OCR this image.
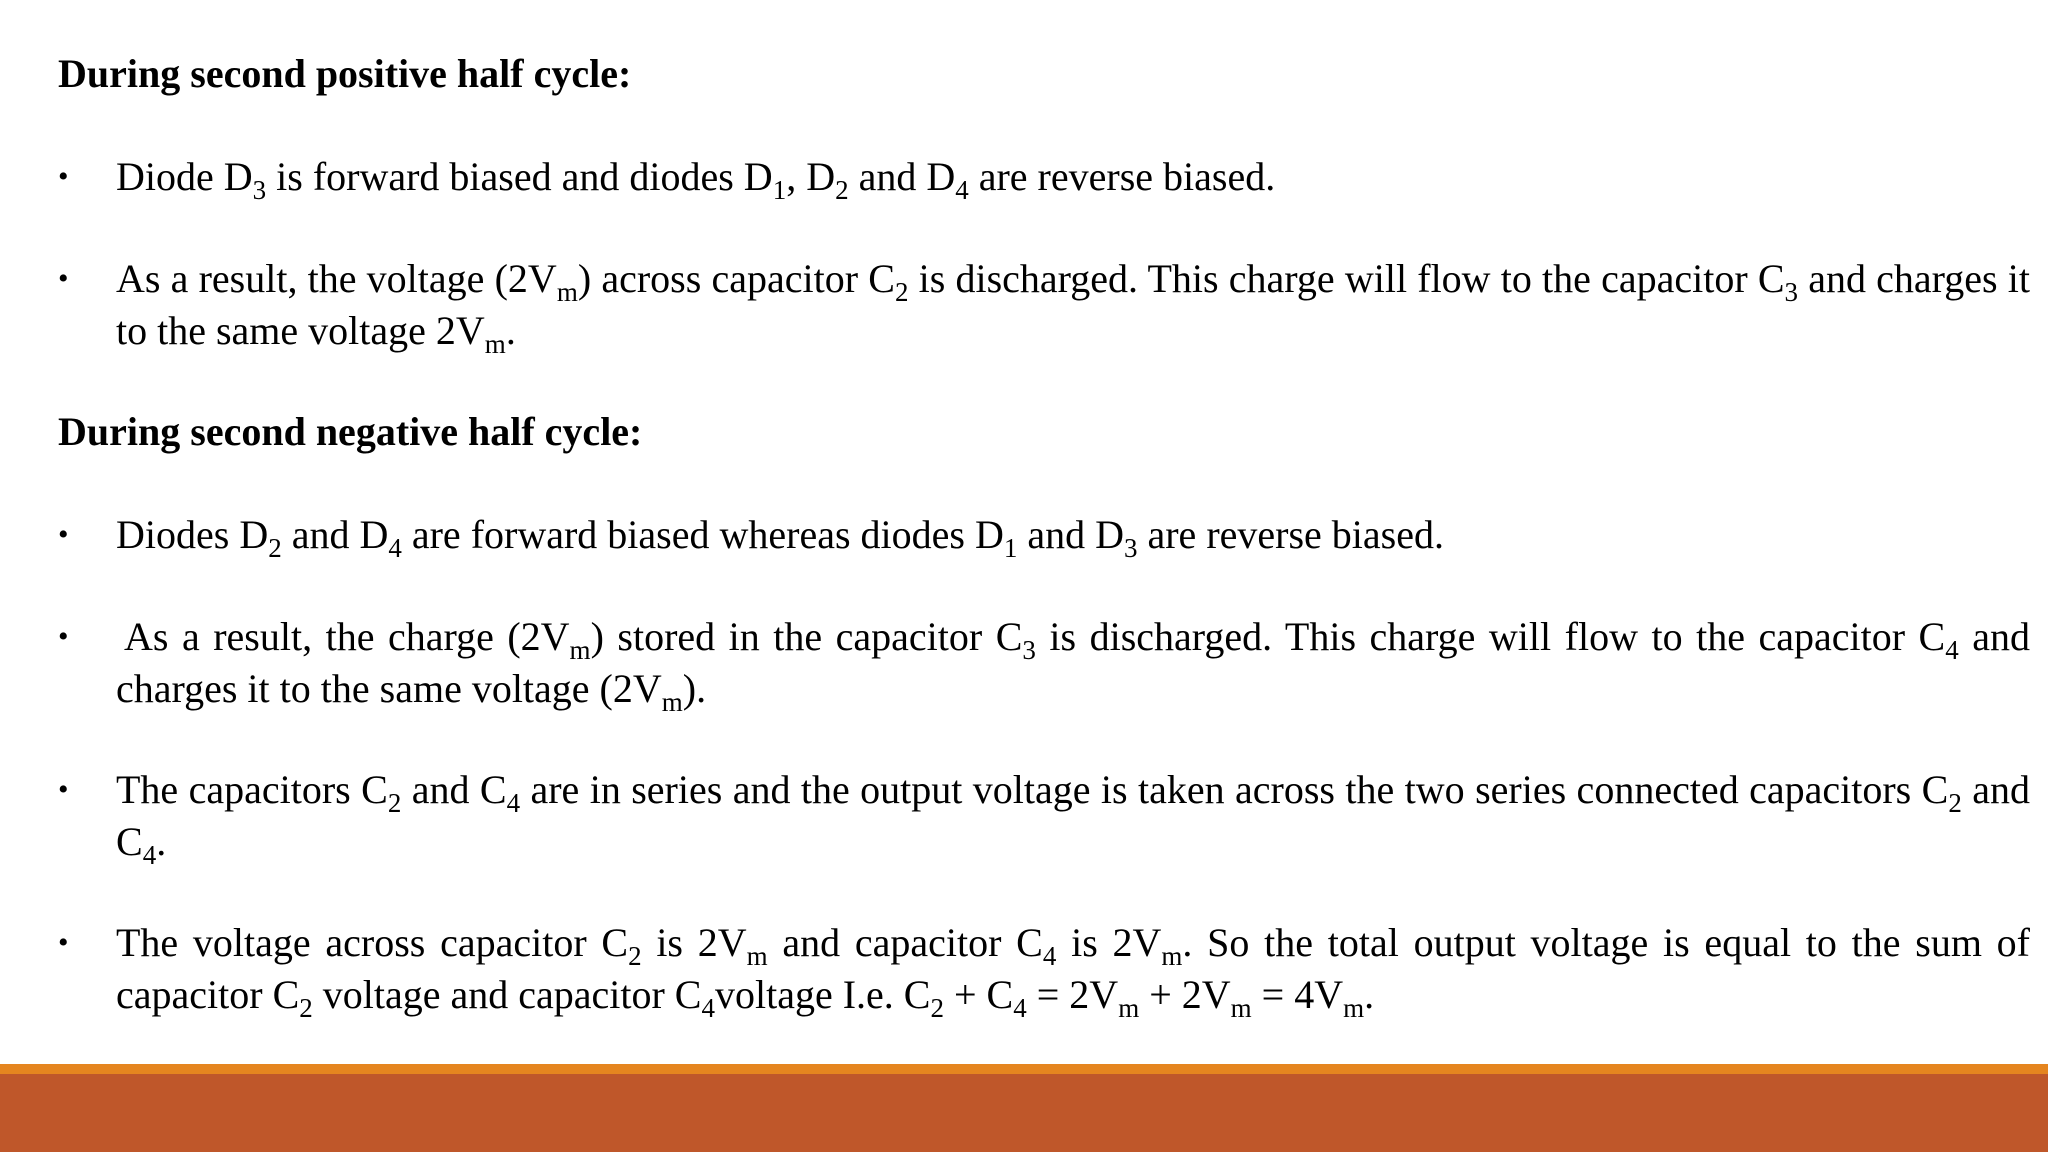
During second positive half cycle:
• Diode $D_3$ is forward biased and diodes $D_1$, $D_2$ and $D_4$ are reverse biased.
• As a result, the voltage $(2V_m)$ across capacitor $C_2$ is discharged. This charge will flow to the capacitor $C_3$ and charges it to the same voltage $2V_m$.
During second negative half cycle:
• Diodes $D_2$ and $D_4$ are forward biased whereas diodes $D_1$ and $D_3$ are reverse biased.
• As a result, the charge $(2V_m)$ stored in the capacitor $C_3$ is discharged. This charge will flow to the capacitor $C_4$ and charges it to the same voltage $(2V_m)$.
• The capacitors $C_2$ and $C_4$ are in series and the output voltage is taken across the two series connected capacitors $C_2$ and $C_4$.
• The voltage across capacitor $C_2$ is $2V_m$ and capacitor $C_4$ is $2V_m$. So the total output voltage is equal to the sum of capacitor $C_2$ voltage and capacitor $C_4voltage$ I.e. $C_2 + C_4 = 2V_m + 2V_m = 4V_m$.
